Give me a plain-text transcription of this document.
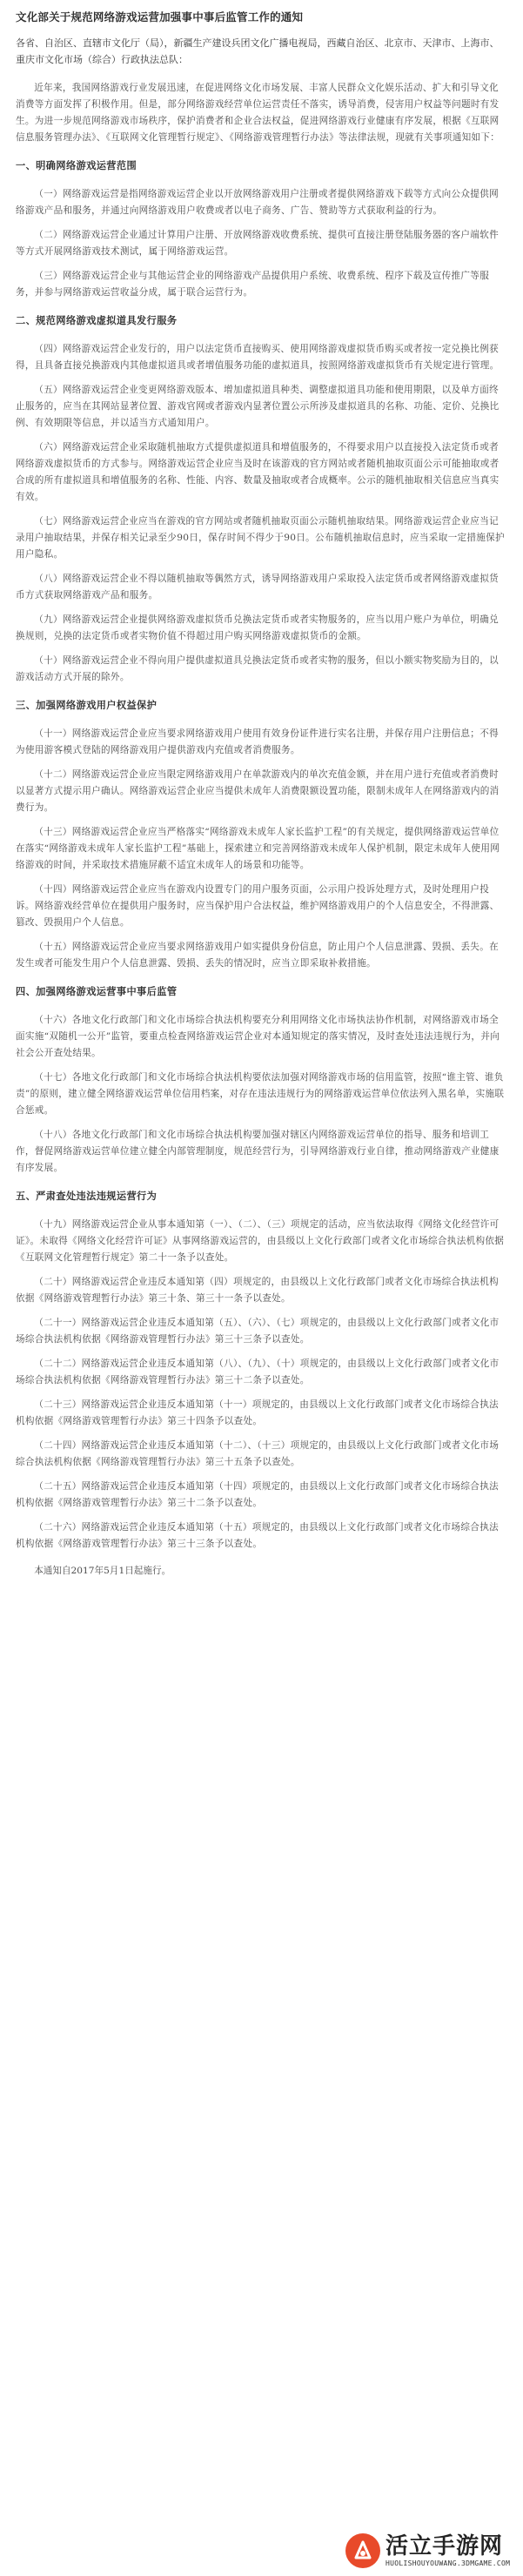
文化部关于规范网络游戏运营加强事中事后监管工作的通知
各省、自治区、直辖市文化厅（局），新疆生产建设兵团文化广播电视局，西藏自治区、北京市、天津市、上海市、重庆市文化市场（综合）行政执法总队：
近年来，我国网络游戏行业发展迅速，在促进网络文化市场发展、丰富人民群众文化娱乐活动、扩大和引导文化消费等方面发挥了积极作用。但是，部分网络游戏经营单位运营责任不落实，诱导消费，侵害用户权益等问题时有发生。为进一步规范网络游戏市场秩序，保护消费者和企业合法权益，促进网络游戏行业健康有序发展，根据《互联网信息服务管理办法》、《互联网文化管理暂行规定》、《网络游戏管理暂行办法》等法律法规，现就有关事项通知如下：
一、明确网络游戏运营范围
（一）网络游戏运营是指网络游戏运营企业以开放网络游戏用户注册或者提供网络游戏下载等方式向公众提供网络游戏产品和服务，并通过向网络游戏用户收费或者以电子商务、广告、赞助等方式获取利益的行为。
（二）网络游戏运营企业通过计算用户注册、开放网络游戏收费系统、提供可直接注册登陆服务器的客户端软件等方式开展网络游戏技术测试，属于网络游戏运营。
（三）网络游戏运营企业与其他运营企业的网络游戏产品提供用户系统、收费系统、程序下载及宣传推广等服务，并参与网络游戏运营收益分成，属于联合运营行为。
二、规范网络游戏虚拟道具发行服务
（四）网络游戏运营企业发行的，用户以法定货币直接购买、使用网络游戏虚拟货币购买或者按一定兑换比例获得，且具备直接兑换游戏内其他虚拟道具或者增值服务功能的虚拟道具，按照网络游戏虚拟货币有关规定进行管理。
（五）网络游戏运营企业变更网络游戏版本、增加虚拟道具种类、调整虚拟道具功能和使用期限，以及单方面终止服务的，应当在其网站显著位置、游戏官网或者游戏内显著位置公示所涉及虚拟道具的名称、功能、定价、兑换比例、有效期限等信息，并以适当方式通知用户。
（六）网络游戏运营企业采取随机抽取方式提供虚拟道具和增值服务的，不得要求用户以直接投入法定货币或者网络游戏虚拟货币的方式参与。网络游戏运营企业应当及时在该游戏的官方网站或者随机抽取页面公示可能抽取或者合成的所有虚拟道具和增值服务的名称、性能、内容、数量及抽取或者合成概率。公示的随机抽取相关信息应当真实有效。
（七）网络游戏运营企业应当在游戏的官方网站或者随机抽取页面公示随机抽取结果。网络游戏运营企业应当记录用户抽取结果，并保存相关记录至少90日，保存时间不得少于90日。公布随机抽取信息时，应当采取一定措施保护用户隐私。
（八）网络游戏运营企业不得以随机抽取等偶然方式，诱导网络游戏用户采取投入法定货币或者网络游戏虚拟货币方式获取网络游戏产品和服务。
（九）网络游戏运营企业提供网络游戏虚拟货币兑换法定货币或者实物服务的，应当以用户账户为单位，明确兑换规则，兑换的法定货币或者实物价值不得超过用户购买网络游戏虚拟货币的金额。
（十）网络游戏运营企业不得向用户提供虚拟道具兑换法定货币或者实物的服务，但以小额实物奖励为目的，以游戏活动方式开展的除外。
三、加强网络游戏用户权益保护
（十一）网络游戏运营企业应当要求网络游戏用户使用有效身份证件进行实名注册，并保存用户注册信息；不得为使用游客模式登陆的网络游戏用户提供游戏内充值或者消费服务。
（十二）网络游戏运营企业应当限定网络游戏用户在单款游戏内的单次充值金额，并在用户进行充值或者消费时以显著方式提示用户确认。网络游戏运营企业应当提供未成年人消费限额设置功能，限制未成年人在网络游戏内的消费行为。
（十三）网络游戏运营企业应当严格落实“网络游戏未成年人家长监护工程”的有关规定，提供网络游戏运营单位在落实“网络游戏未成年人家长监护工程”基础上，探索建立和完善网络游戏未成年人保护机制，限定未成年人使用网络游戏的时间，并采取技术措施屏蔽不适宜未成年人的场景和功能等。
（十四）网络游戏运营企业应当在游戏内设置专门的用户服务页面，公示用户投诉处理方式，及时处理用户投诉。网络游戏经营单位在提供用户服务时，应当保护用户合法权益，维护网络游戏用户的个人信息安全，不得泄露、篡改、毁损用户个人信息。
（十五）网络游戏运营企业应当要求网络游戏用户如实提供身份信息，防止用户个人信息泄露、毁损、丢失。在发生或者可能发生用户个人信息泄露、毁损、丢失的情况时，应当立即采取补救措施。
四、加强网络游戏运营事中事后监管
（十六）各地文化行政部门和文化市场综合执法机构要充分利用网络文化市场执法协作机制，对网络游戏市场全面实施“双随机一公开”监管，要重点检查网络游戏运营企业对本通知规定的落实情况，及时查处违法违规行为，并向社会公开查处结果。
（十七）各地文化行政部门和文化市场综合执法机构要依法加强对网络游戏市场的信用监管，按照“谁主管、谁负责”的原则，建立健全网络游戏运营单位信用档案，对存在违法违规行为的网络游戏运营单位依法列入黑名单，实施联合惩戒。
（十八）各地文化行政部门和文化市场综合执法机构要加强对辖区内网络游戏运营单位的指导、服务和培训工作，督促网络游戏运营单位建立健全内部管理制度，规范经营行为，引导网络游戏行业自律，推动网络游戏产业健康有序发展。
五、严肃查处违法违规运营行为
（十九）网络游戏运营企业从事本通知第（一）、（二）、（三）项规定的活动，应当依法取得《网络文化经营许可证》。未取得《网络文化经营许可证》从事网络游戏运营的，由县级以上文化行政部门或者文化市场综合执法机构依据《互联网文化管理暂行规定》第二十一条予以查处。
（二十）网络游戏运营企业违反本通知第（四）项规定的，由县级以上文化行政部门或者文化市场综合执法机构依据《网络游戏管理暂行办法》第三十条、第三十一条予以查处。
（二十一）网络游戏运营企业违反本通知第（五）、（六）、（七）项规定的，由县级以上文化行政部门或者文化市场综合执法机构依据《网络游戏管理暂行办法》第三十三条予以查处。
（二十二）网络游戏运营企业违反本通知第（八）、（九）、（十）项规定的，由县级以上文化行政部门或者文化市场综合执法机构依据《网络游戏管理暂行办法》第三十二条予以查处。
（二十三）网络游戏运营企业违反本通知第（十一）项规定的，由县级以上文化行政部门或者文化市场综合执法机构依据《网络游戏管理暂行办法》第三十四条予以查处。
（二十四）网络游戏运营企业违反本通知第（十二）、（十三）项规定的，由县级以上文化行政部门或者文化市场综合执法机构依据《网络游戏管理暂行办法》第三十五条予以查处。
（二十五）网络游戏运营企业违反本通知第（十四）项规定的，由县级以上文化行政部门或者文化市场综合执法机构依据《网络游戏管理暂行办法》第三十二条予以查处。
（二十六）网络游戏运营企业违反本通知第（十五）项规定的，由县级以上文化行政部门或者文化市场综合执法机构依据《网络游戏管理暂行办法》第三十三条予以查处。
本通知自2017年5月1日起施行。
活立手游网
HUOLISHOUYOUWANG.3DMGAME.COM
